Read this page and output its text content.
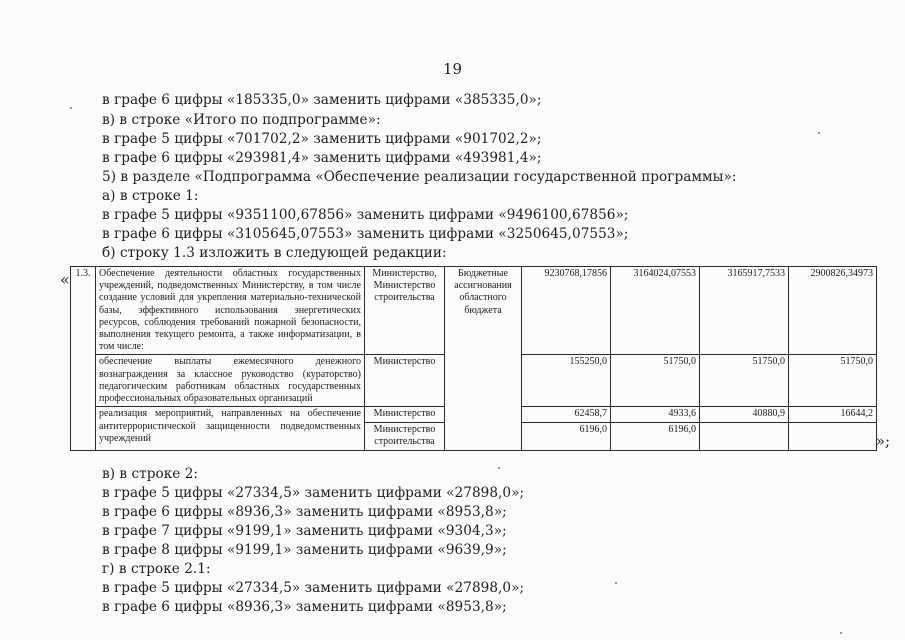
19
в графе 6 цифры «185335,0» заменить цифрами «385335,0»;
в) в строке «Итого по подпрограмме»:
в графе 5 цифры «701702,2» заменить цифрами «901702,2»;
в графе 6 цифры «293981,4» заменить цифрами «493981,4»;
5) в разделе «Подпрограмма «Обеспечение реализации государственной программы»:
а) в строке 1:
в графе 5 цифры «9351100,67856» заменить цифрами «9496100,67856»;
в графе 6 цифры «3105645,07553» заменить цифрами «3250645,07553»;
б) строку 1.3 изложить в следующей редакции:
« 1.3.	Обеспечение деятельности областных государственных учреждений, подведомственных Министерству, в том числе создание условий для укрепления материально-технической базы, эффективного использования энергетических ресурсов, соблюдения требований пожарной безопасности, выполнения текущего ремонта, а также информатизации, в том числе:	Министерство, Министерство строительства	Бюджетные ассигнования областного бюджета	9230768,17856	3164024,07553	3165917,7533	2900826,34973
	обеспечение выплаты ежемесячного денежного вознаграждения за классное руководство (кураторство) педагогическим работникам областных государственных профессиональных образовательных организаций	Министерство		155250,0	51750,0	51750,0	51750,0
	реализация мероприятий, направленных на обеспечение антитеррористической защищенности подведомственных учреждений	Министерство		62458,7	4933,6	40880,9	16644,2
		Министерство строительства		6196,0	6196,0		
»;
в) в строке 2:
в графе 5 цифры «27334,5» заменить цифрами «27898,0»;
в графе 6 цифры «8936,3» заменить цифрами «8953,8»;
в графе 7 цифры «9199,1» заменить цифрами «9304,3»;
в графе 8 цифры «9199,1» заменить цифрами «9639,9»;
г) в строке 2.1:
в графе 5 цифры «27334,5» заменить цифрами «27898,0»;
в графе 6 цифры «8936,3» заменить цифрами «8953,8»;
